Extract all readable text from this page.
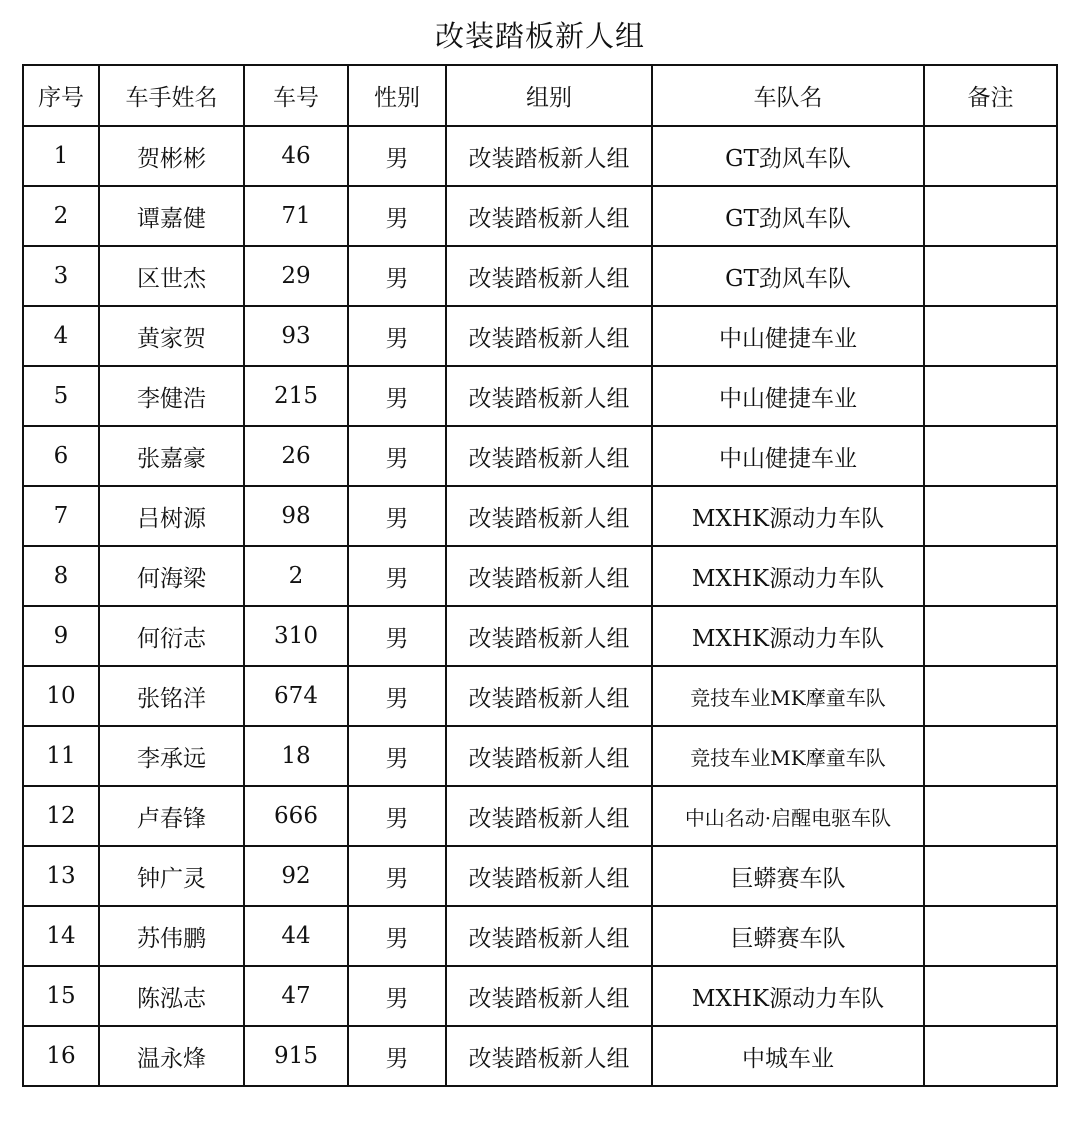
改装踏板新人组
序号	车手姓名	车号	性别	组别	车队名	备注
1	贺彬彬	46	男	改装踏板新人组	GT劲风车队	
2	谭嘉健	71	男	改装踏板新人组	GT劲风车队	
3	区世杰	29	男	改装踏板新人组	GT劲风车队	
4	黄家贺	93	男	改装踏板新人组	中山健捷车业	
5	李健浩	215	男	改装踏板新人组	中山健捷车业	
6	张嘉豪	26	男	改装踏板新人组	中山健捷车业	
7	吕树源	98	男	改装踏板新人组	MXHK源动力车队	
8	何海梁	2	男	改装踏板新人组	MXHK源动力车队	
9	何衍志	310	男	改装踏板新人组	MXHK源动力车队	
10	张铭洋	674	男	改装踏板新人组	竞技车业MK摩童车队	
11	李承远	18	男	改装踏板新人组	竞技车业MK摩童车队	
12	卢春锋	666	男	改装踏板新人组	中山名动·启醒电驱车队	
13	钟广灵	92	男	改装踏板新人组	巨蟒赛车队	
14	苏伟鹏	44	男	改装踏板新人组	巨蟒赛车队	
15	陈泓志	47	男	改装踏板新人组	MXHK源动力车队	
16	温永烽	915	男	改装踏板新人组	中城车业	
